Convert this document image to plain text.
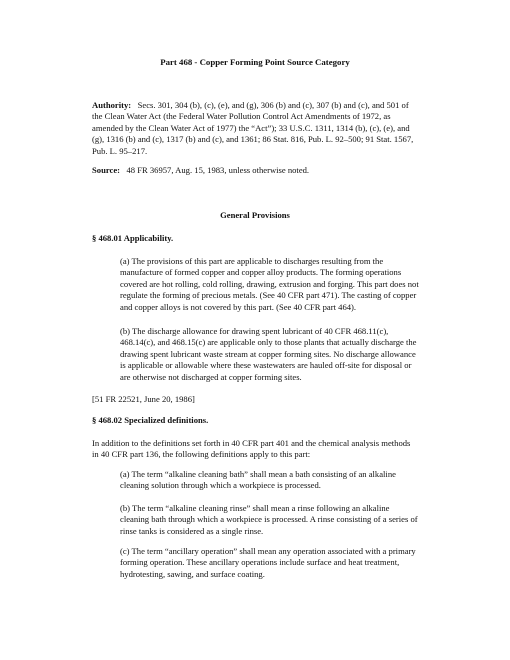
Part 468 - Copper Forming Point Source Category

Authority: Secs. 301, 304 (b), (c), (e), and (g), 306 (b) and (c), 307 (b) and (c), and 501 of the Clean Water Act (the Federal Water Pollution Control Act Amendments of 1972, as amended by the Clean Water Act of 1977) the “Act”); 33 U.S.C. 1311, 1314 (b), (c), (e), and (g), 1316 (b) and (c), 1317 (b) and (c), and 1361; 86 Stat. 816, Pub. L. 92–500; 91 Stat. 1567, Pub. L. 95–217.

Source: 48 FR 36957, Aug. 15, 1983, unless otherwise noted.

General Provisions

§ 468.01 Applicability.

(a) The provisions of this part are applicable to discharges resulting from the manufacture of formed copper and copper alloy products. The forming operations covered are hot rolling, cold rolling, drawing, extrusion and forging. This part does not regulate the forming of precious metals. (See 40 CFR part 471). The casting of copper and copper alloys is not covered by this part. (See 40 CFR part 464).

(b) The discharge allowance for drawing spent lubricant of 40 CFR 468.11(c), 468.14(c), and 468.15(c) are applicable only to those plants that actually discharge the drawing spent lubricant waste stream at copper forming sites. No discharge allowance is applicable or allowable where these wastewaters are hauled off-site for disposal or are otherwise not discharged at copper forming sites.

[51 FR 22521, June 20, 1986]

§ 468.02 Specialized definitions.

In addition to the definitions set forth in 40 CFR part 401 and the chemical analysis methods in 40 CFR part 136, the following definitions apply to this part:

(a) The term “alkaline cleaning bath” shall mean a bath consisting of an alkaline cleaning solution through which a workpiece is processed.

(b) The term “alkaline cleaning rinse” shall mean a rinse following an alkaline cleaning bath through which a workpiece is processed. A rinse consisting of a series of rinse tanks is considered as a single rinse.

(c) The term “ancillary operation” shall mean any operation associated with a primary forming operation. These ancillary operations include surface and heat treatment, hydrotesting, sawing, and surface coating.
